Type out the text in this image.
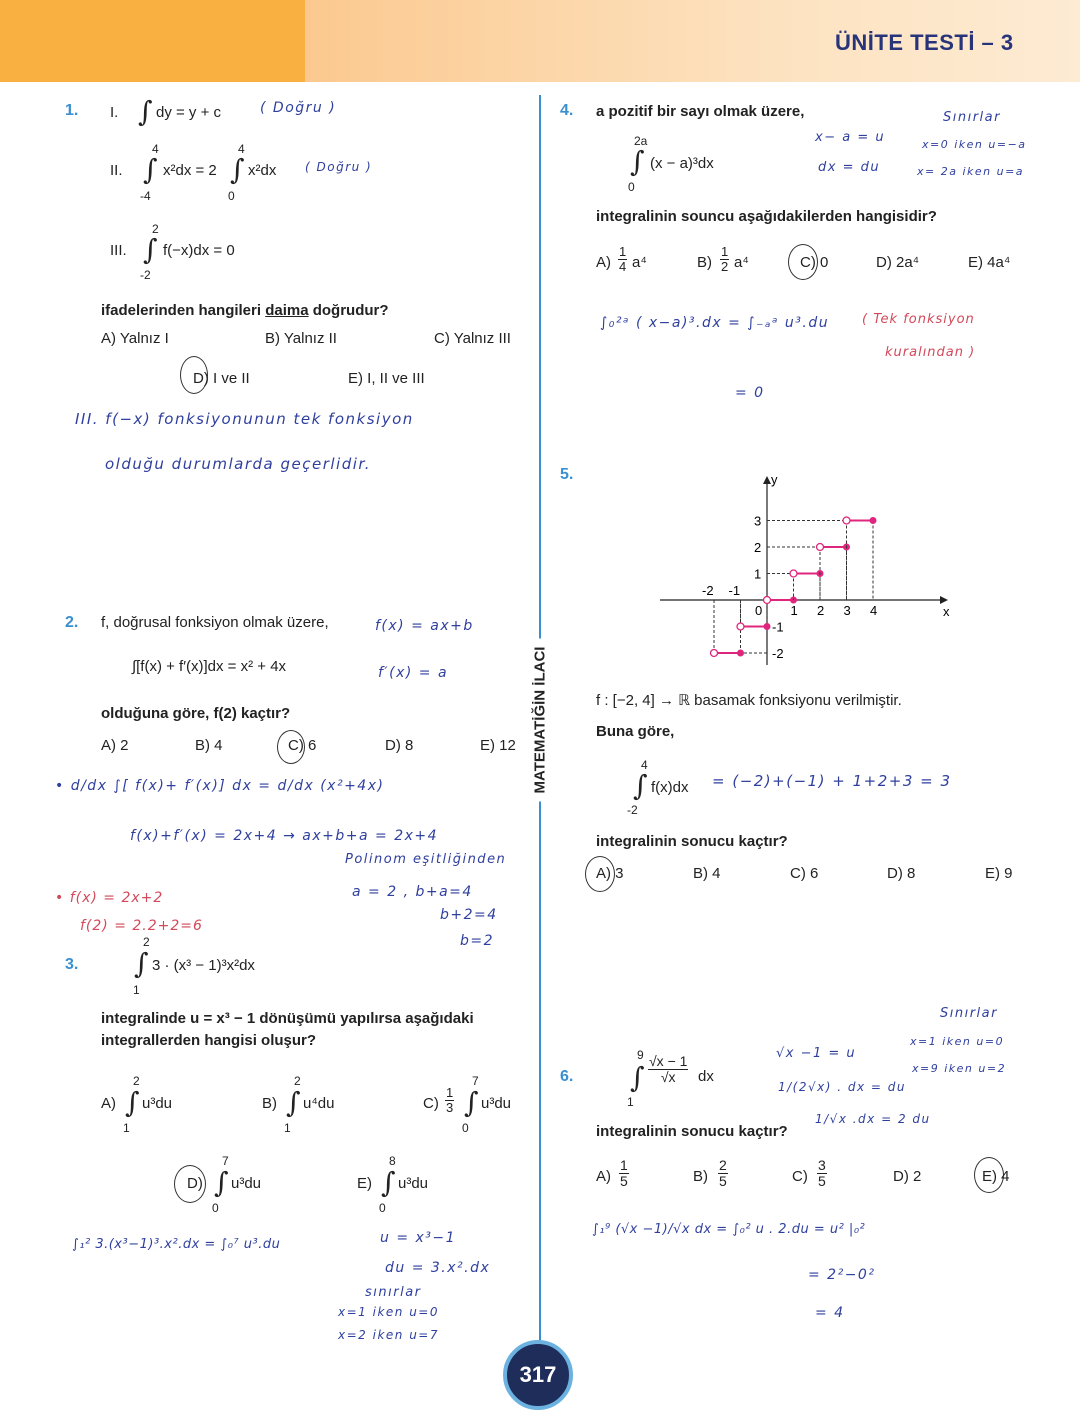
ÜNİTE TESTİ – 3
MATEMATİĞİN İLACI
317
1. I. ∫ dy = y + c	( Doğru )
II.
4
∫
-4
x²dx = 2
4
∫
0
x²dx ( Doğru )
III.
2
∫
-2
f(−x)dx = 0
ifadelerinden hangileri daima doğrudur?
A) Yalnız I	B) Yalnız II	C) Yalnız III
D) I ve II	E) I, II ve III
III. f(−x) fonksiyonunun tek fonksiyon
olduğu durumlarda geçerlidir.
2. f, doğrusal fonksiyon olmak üzere,	f(x) = ax+b
f′(x) = a
∫[f(x) + f′(x)]dx = x² + 4x
olduğuna göre, f(2) kaçtır?
A) 2	B) 4	C) 6	D) 8	E) 12
• d/dx ∫[ f(x)+ f′(x)] dx = d/dx (x²+4x)
f(x)+f′(x) = 2x+4 → ax+b+a = 2x+4
Polinom eşitliğinden
a = 2 , b+a=4
b+2=4
b=2
• f(x) = 2x+2
f(2) = 2.2+2=6
3.
2
∫
1
3 · (x³ − 1)³x²dx
integralinde u = x³ − 1 dönüşümü yapılırsa aşağıdaki
integrallerden hangisi oluşur?
A)
2
∫
1
u³du	B)
2
∫
1
u⁴du	$C) \frac{1}{3}$
7
∫
0
u³du
D)
7
∫
0
u³du	E)
8
∫
0
u³du
∫₁² 3.(x³−1)³.x².dx = ∫₀⁷ u³.du	u = x³−1
du = 3.x².dx
sınırlar
x=1 iken u=0
x=2 iken u=7
4. a pozitif bir sayı olmak üzere,
2a
∫
0
(x − a)³dx
x− a = u
dx = du
Sınırlar
x=0 iken u=−a
x= 2a iken u=a
integralinin souncu aşağıdakilerden hangisidir?
$A) \frac{1}{4} a^4$	$B) \frac{1}{2} a^4$	C) 0	D) 2a⁴	E) 4a⁴
∫₀²ᵃ ( x−a)³.dx = ∫₋ₐᵃ u³.du	( Tek fonksiyon
kuralından )
= 0
5.
x
y
-2 -1
0 1 2 3 4
3
2
1
-1
-2
f : [−2, 4] → ℝ basamak fonksiyonu verilmiştir.
Buna göre,
4
∫
-2
f(x)dx = (−2)+(−1) + 1+2+3 = 3
integralinin sonucu kaçtır?
A) 3	B) 4	C) 6	D) 8	E) 9
6.
9
∫
1
$\frac{√x - 1}{√x}$ dx
√x −1 = u
1/(2√x) . dx = du
1/√x .dx = 2 du
Sınırlar
x=1 iken u=0
x=9 iken u=2
integralinin sonucu kaçtır?
$A) \frac{1}{5}$	$B) \frac{2}{5}$	$C) \frac{3}{5}$	D) 2	E) 4
∫₁⁹ (√x −1)/√x dx = ∫₀² u . 2.du = u² |₀²
= 2²−0²
= 4
